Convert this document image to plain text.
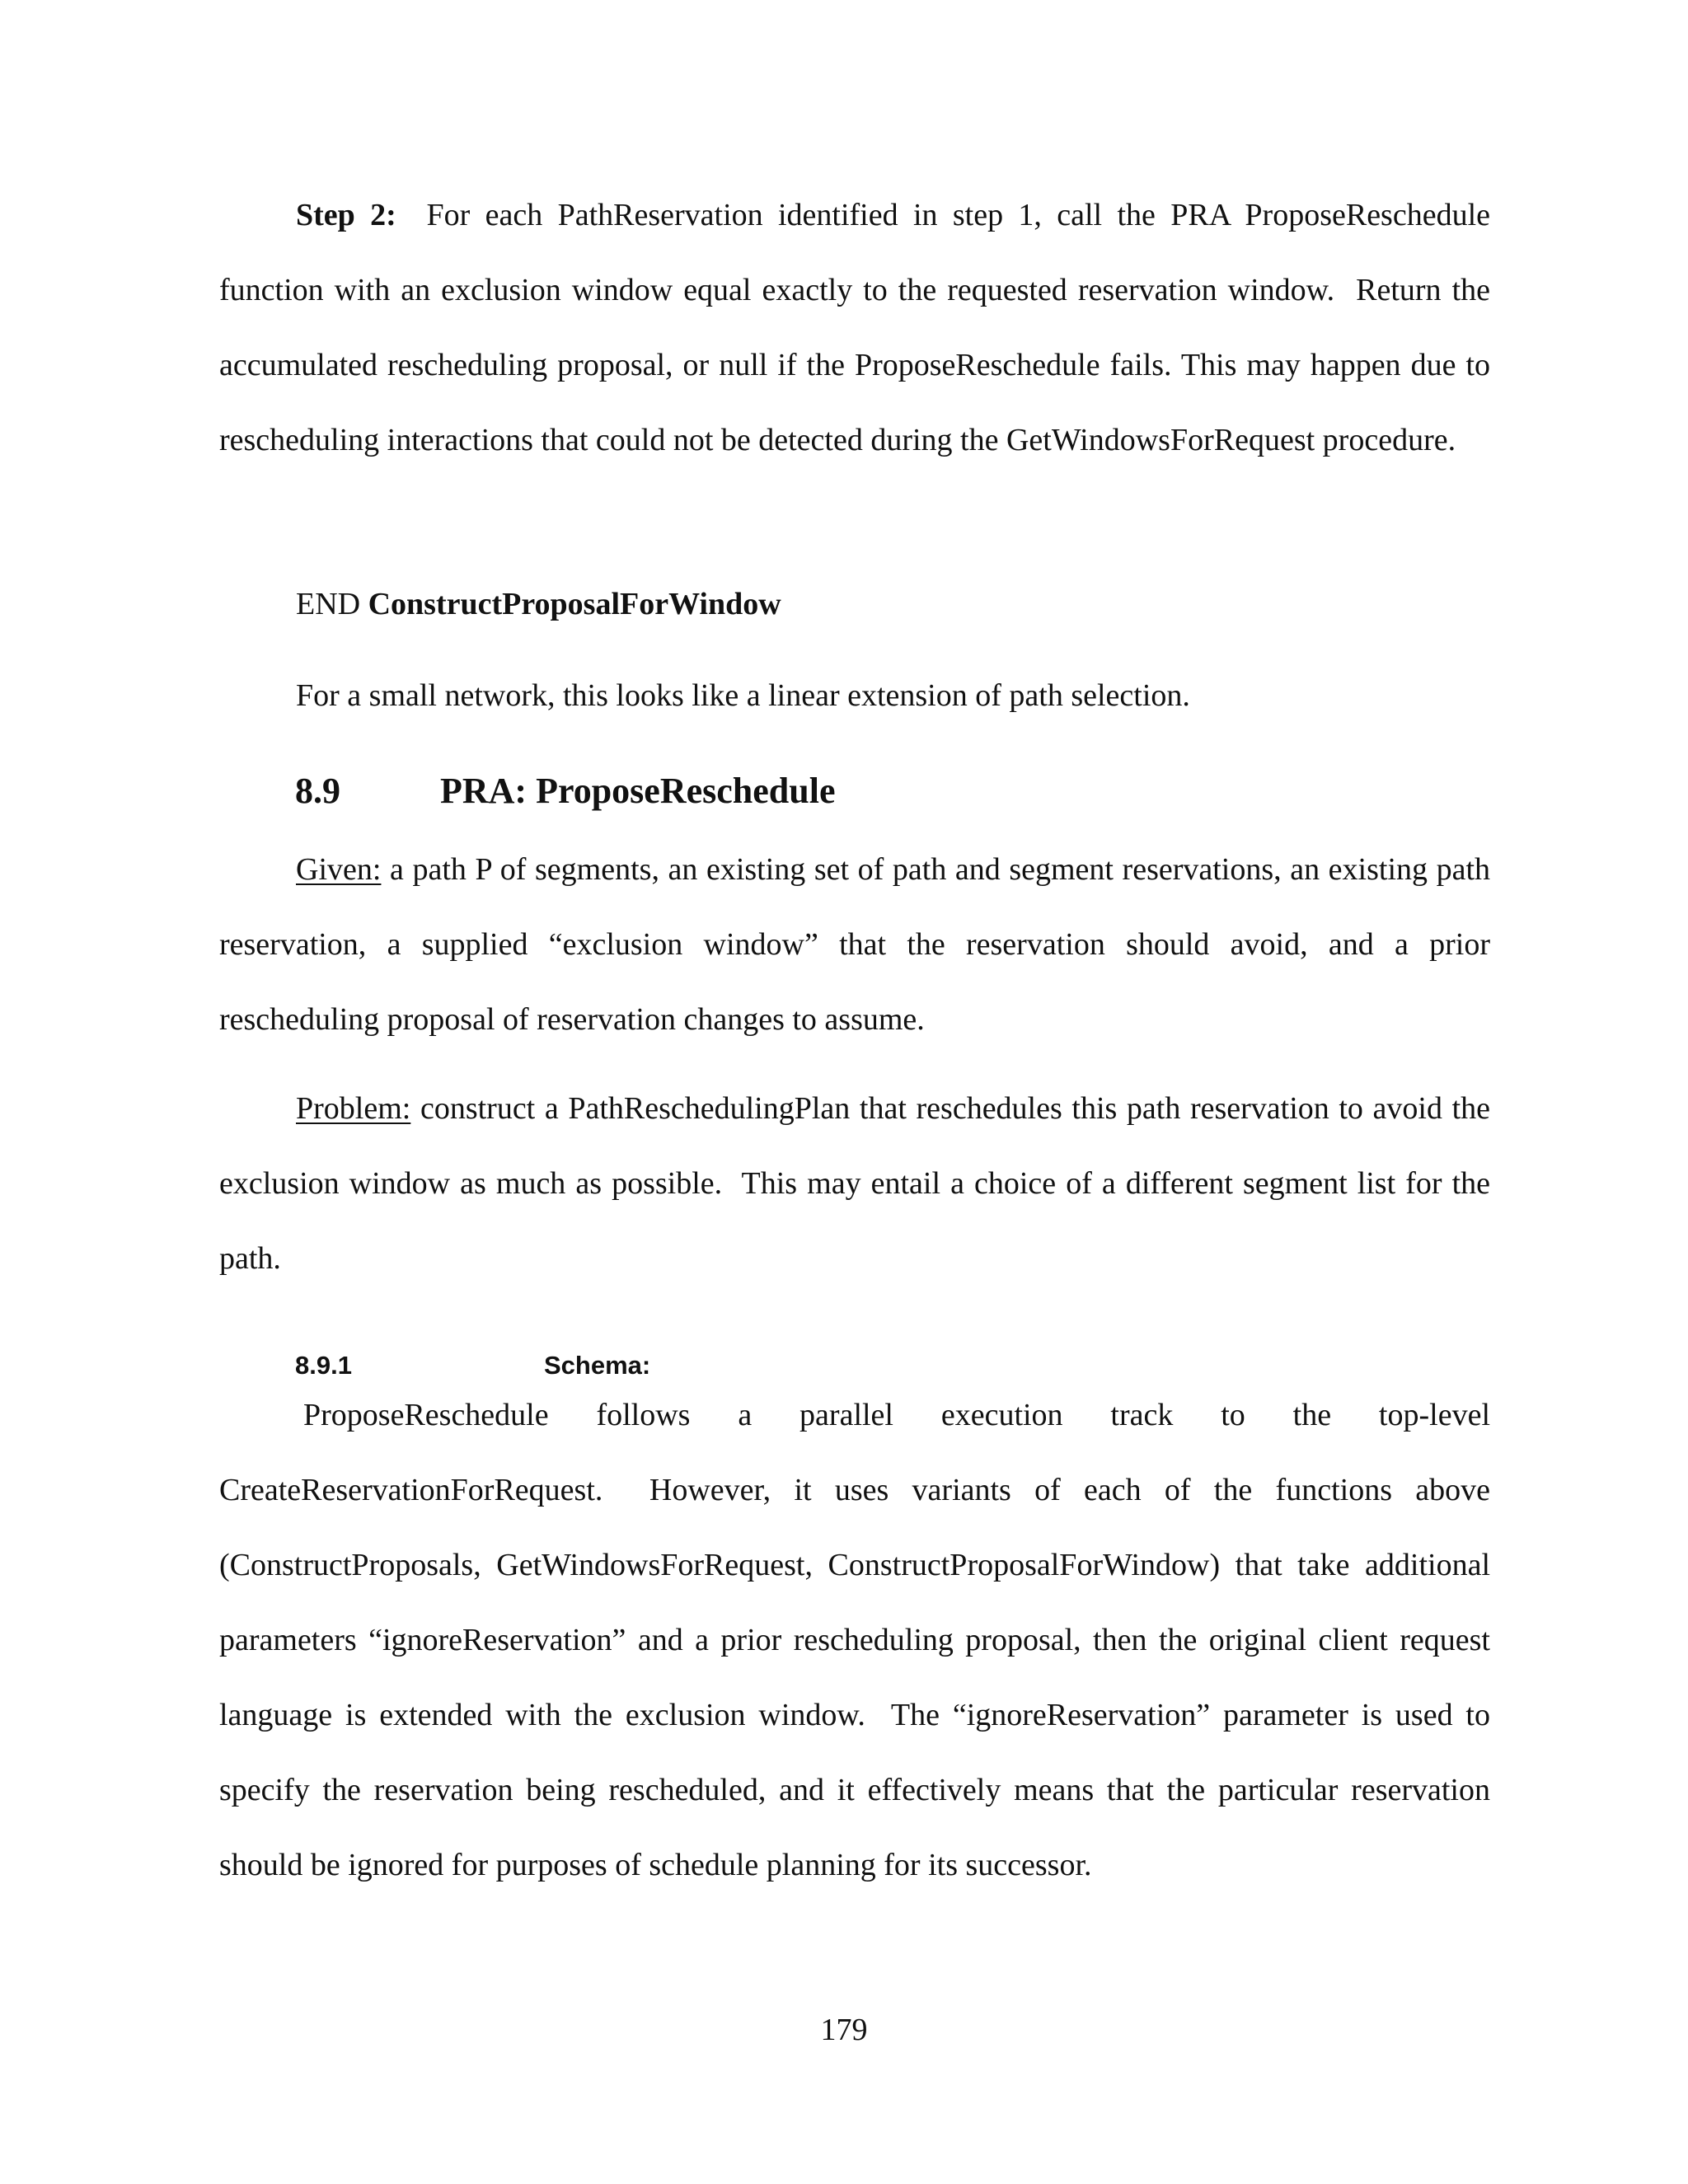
Step 2: For each PathReservation identified in step 1, call the PRA ProposeReschedule function with an exclusion window equal exactly to the requested reservation window.  Return the accumulated rescheduling proposal, or null if the ProposeReschedule fails. This may happen due to rescheduling interactions that could not be detected during the GetWindowsForRequest procedure.

END ConstructProposalForWindow

For a small network, this looks like a linear extension of path selection.

8.9	PRA: ProposeReschedule

Given: a path P of segments, an existing set of path and segment reservations, an existing path reservation, a supplied “exclusion window” that the reservation should avoid, and a prior rescheduling proposal of reservation changes to assume.

Problem: construct a PathReschedulingPlan that reschedules this path reservation to avoid the exclusion window as much as possible.  This may entail a choice of a different segment list for the path.

8.9.1	Schema:

ProposeReschedule follows a parallel execution track to the top-level CreateReservationForRequest.  However, it uses variants of each of the functions above (ConstructProposals, GetWindowsForRequest, ConstructProposalForWindow) that take additional parameters “ignoreReservation” and a prior rescheduling proposal, then the original client request language is extended with the exclusion window.  The “ignoreReservation” parameter is used to specify the reservation being rescheduled, and it effectively means that the particular reservation should be ignored for purposes of schedule planning for its successor.

179
